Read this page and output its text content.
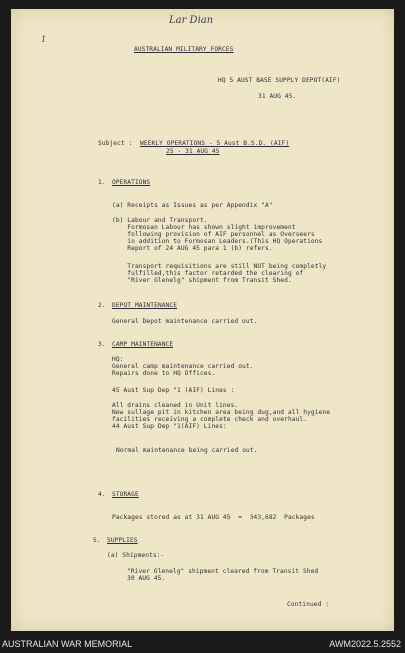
Lar Dian
1
AUSTRALIAN MILITARY FORCES
HQ 5 AUST BASE SUPPLY DEPOT(AIF)
31 AUG 45.
Subject : WEEKLY OPERATIONS - 5 Aust B.S.D. (AIF)
25 - 31 AUG 45
1. OPERATIONS
(a) Receipts as Issues as per Appendix "A"
(b) Labour and Transport.
Formosan Labour has shown slight improvement
following provision of AIF personnel as Overseers
in addition to Formosan Leaders.(This HQ Operations
Report of 24 AUG 45 para 1 (b) refers.
Transport requisitions are still NOT being completly
fulfilled,this factor retarded the clearing of
"River Glenelg" shipment from Transit Shed.
2. DEPOT MAINTENANCE
General Depot maintenance carried out.
3. CAMP MAINTENANCE
HQ:
General camp maintenance carried out.
Repairs done to HQ Offices.
45 Aust Sup Dep "1 (AIF) Lines :
All drains cleaned in Unit lines.
New sullage pit in kitchen area being dug,and all hygiene
facilities receiving a complete check and overhaul.
44 Aust Sup Dep "1(AIF) Lines:
Normal maintenance being carried out.
4. STORAGE
Packages stored as at 31 AUG 45  =  343,682  Packages
5. SUPPLIES
(a) Shipments:-
"River Glenelg" shipment cleared from Transit Shed
30 AUG 45.
Continued :
AUSTRALIAN WAR MEMORIAL	AWM2022.5.2552
